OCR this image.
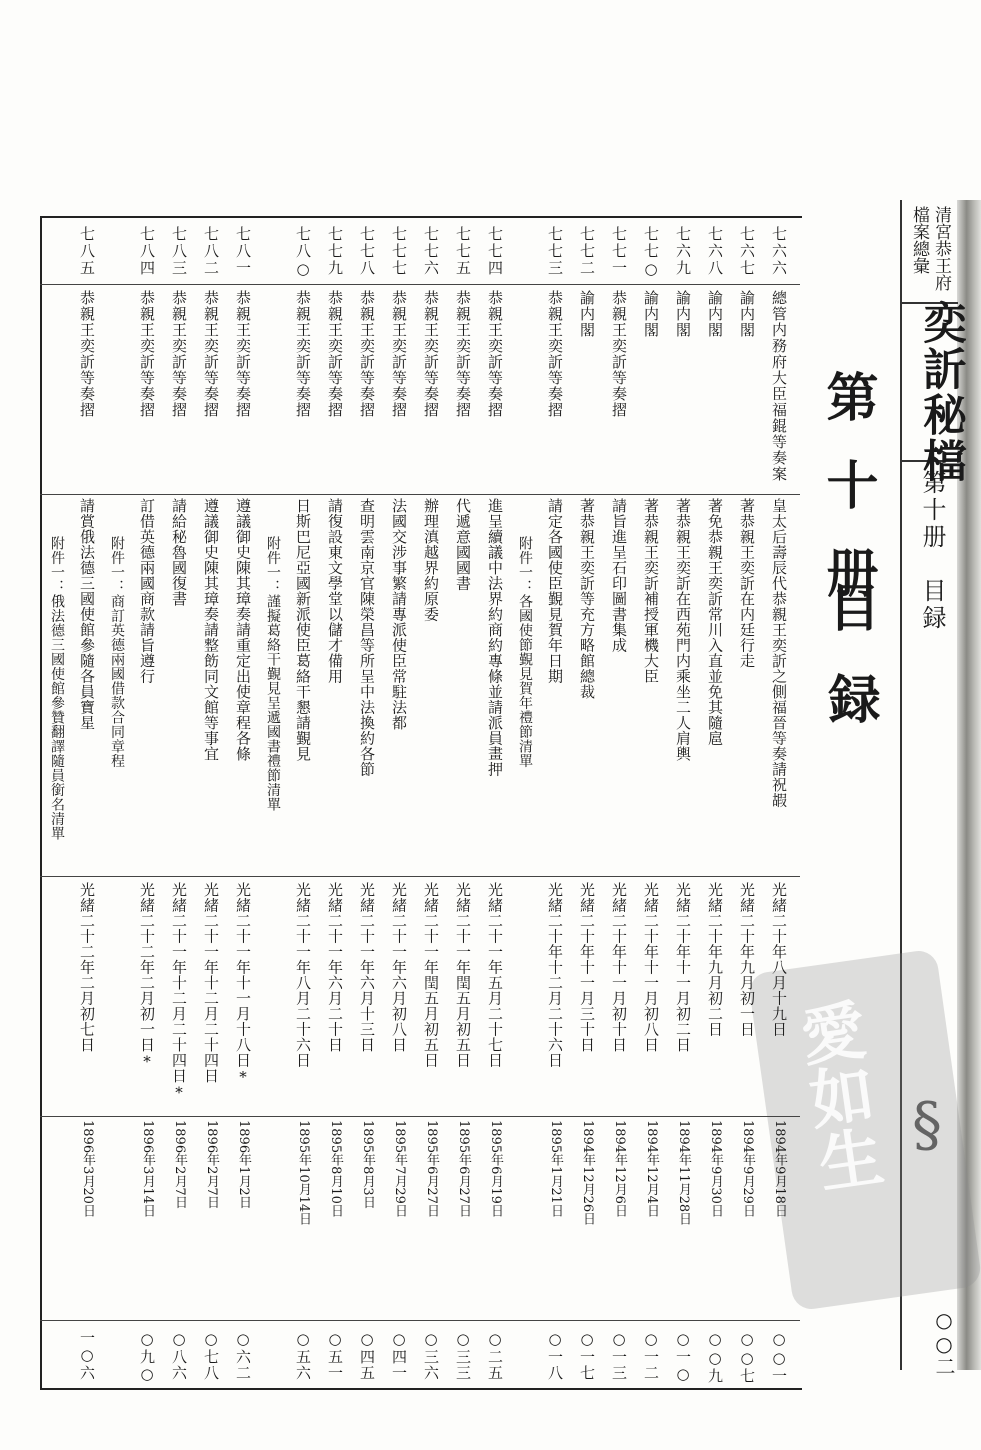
清宮恭王府
檔案總彙
奕訢秘檔
第十册　目録
§
○○二
愛如生
第十册
目録
七六六
總管内務府大臣福錕等奏案
皇太后壽辰代恭親王奕訢之側福晉等奏請祝嘏
光緒二十年八月十九日
1894年9月18日
○○一
七六七
諭内閣
著恭親王奕訢在内廷行走
光緒二十年九月初一日
1894年9月29日
○○七
七六八
諭内閣
著免恭親王奕訢常川入直並免其隨扈
光緒二十年九月初二日
1894年9月30日
○○九
七六九
諭内閣
著恭親王奕訢在西苑門内乘坐二人肩輿
光緒二十年十一月初二日
1894年11月28日
○一○
七七○
諭内閣
著恭親王奕訢補授軍機大臣
光緒二十年十一月初八日
1894年12月4日
○一二
七七一
恭親王奕訢等奏摺
請旨進呈石印圖書集成
光緒二十年十一月初十日
1894年12月6日
○一三
七七二
諭内閣
著恭親王奕訢等充方略館總裁
光緒二十年十一月三十日
1894年12月26日
○一七
七七三
恭親王奕訢等奏摺
請定各國使臣覲見賀年日期
光緒二十年十二月二十六日
1895年1月21日
○一八
附件一：各國使節覲見賀年禮節清單
七七四
恭親王奕訢等奏摺
進呈續議中法界約商約專條並請派員畫押
光緒二十一年五月二十七日
1895年6月19日
○二五
七七五
恭親王奕訢等奏摺
代遞意國國書
光緒二十一年閏五月初五日
1895年6月27日
○三三
七七六
恭親王奕訢等奏摺
辦理滇越界約原委
光緒二十一年閏五月初五日
1895年6月27日
○三六
七七七
恭親王奕訢等奏摺
法國交涉事繁請專派使臣常駐法都
光緒二十一年六月初八日
1895年7月29日
○四一
七七八
恭親王奕訢等奏摺
查明雲南京官陳榮昌等所呈中法換約各節
光緒二十一年六月十三日
1895年8月3日
○四五
七七九
恭親王奕訢等奏摺
請復設東文學堂以儲才備用
光緒二十一年六月二十日
1895年8月10日
○五一
七八○
恭親王奕訢等奏摺
日斯巴尼亞國新派使臣葛絡干懇請覲見
光緒二十一年八月二十六日
1895年10月14日
○五六
附件一：謹擬葛絡干覲見呈遞國書禮節清單
七八一
恭親王奕訢等奏摺
遵議御史陳其璋奏請重定出使章程各條
光緒二十一年十一月十八日*
1896年1月2日
○六二
七八二
恭親王奕訢等奏摺
遵議御史陳其璋奏請整飭同文館等事宜
光緒二十一年十二月二十四日
1896年2月7日
○七八
七八三
恭親王奕訢等奏摺
請給秘魯國復書
光緒二十一年十二月二十四日*
1896年2月7日
○八六
七八四
恭親王奕訢等奏摺
訂借英德兩國商款請旨遵行
光緒二十二年二月初一日*
1896年3月14日
○九○
附件一：商訂英德兩國借款合同章程
七八五
恭親王奕訢等奏摺
請賞俄法德三國使館參隨各員寶星
光緒二十二年二月初七日
1896年3月20日
一○六
附件一：俄法德三國使館參贊翻譯隨員銜名清單
